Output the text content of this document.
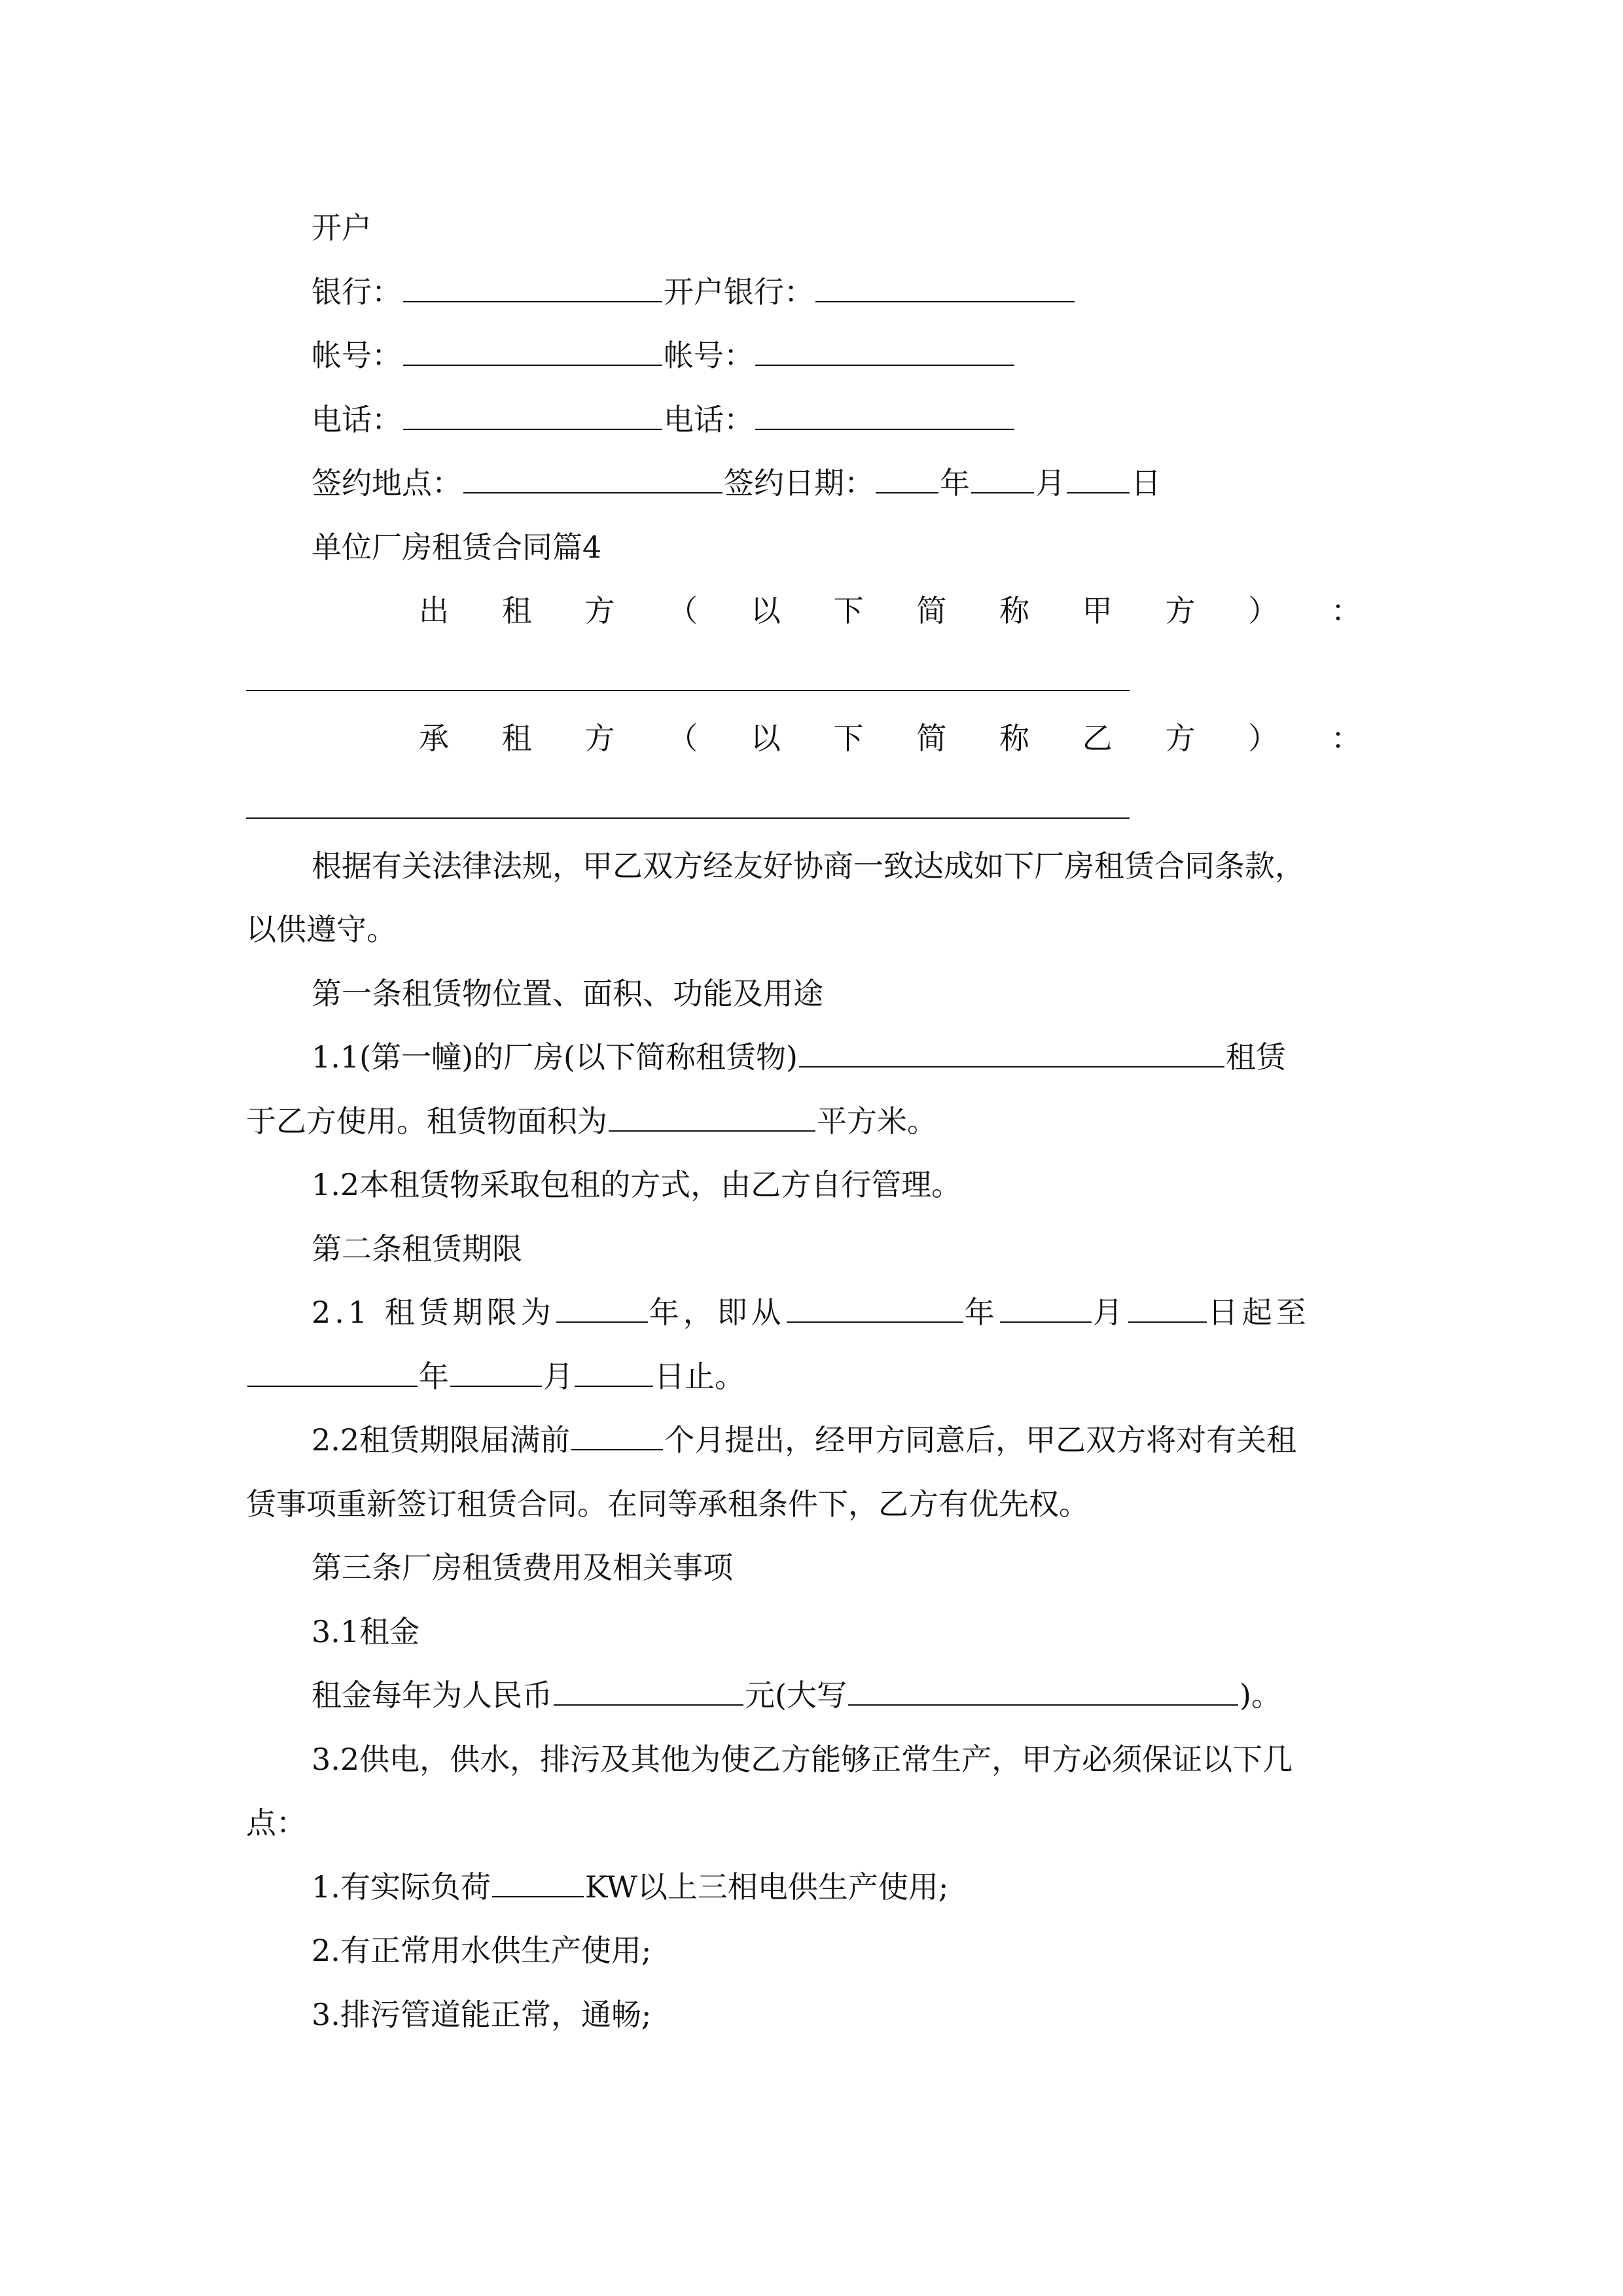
开户
银行：	开户银行：
帐号：	帐号：
电话：	电话：
签约地点：	签约日期： 年 月 日
单位厂房租赁合同篇4
出 租 方 （ 以 下 简 称 甲 方 ） ：
承 租 方 （ 以 下 简 称 乙 方 ） ：
根据有关法律法规，甲乙双方经友好协商一致达成如下厂房租赁合同条款，
以供遵守。
第一条租赁物位置、面积、功能及用途
1.1(第一幢)的厂房(以下简称租赁物)	租赁
于乙方使用。租赁物面积为	平方米。
1.2本租赁物采取包租的方式，由乙方自行管理。
第二条租赁期限
2.1 租赁期限为	年，即从	年	月	日起至
年	月	日止。
2.2租赁期限届满前	个月提出，经甲方同意后，甲乙双方将对有关租
赁事项重新签订租赁合同。在同等承租条件下，乙方有优先权。
第三条厂房租赁费用及相关事项
3.1租金
租金每年为人民币	元(大写	)。
3.2供电，供水，排污及其他为使乙方能够正常生产，甲方必须保证以下几
点：
1.有实际负荷	KW以上三相电供生产使用;
2.有正常用水供生产使用;
3.排污管道能正常，通畅;
